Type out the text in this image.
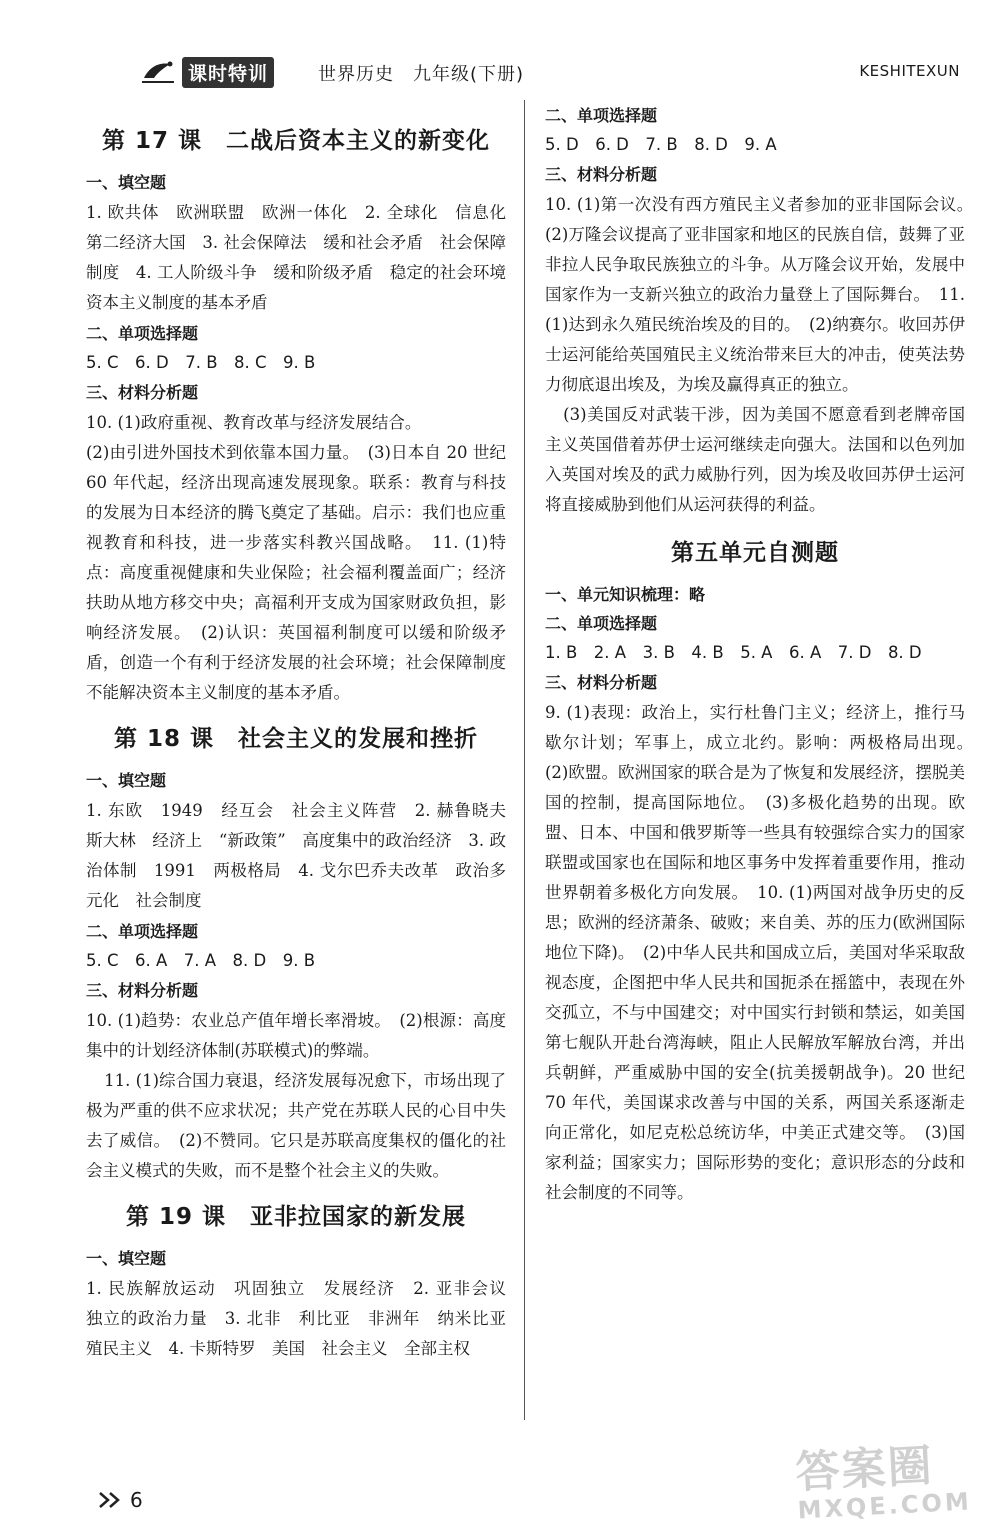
课时特训	世界历史　九年级(下册)	KESHITEXUN
第 17 课　二战后资本主义的新变化
一、填空题

1. 欧共体　欧洲联盟　欧洲一体化　2. 全球化　信息化　第二经济大国　3. 社会保障法　缓和社会矛盾　社会保障制度　4. 工人阶级斗争　缓和阶级矛盾　稳定的社会环境　资本主义制度的基本矛盾

二、单项选择题

5. C　6. D　7. B　8. C　9. B

三、材料分析题

10. (1)政府重视、教育改革与经济发展结合。

(2)由引进外国技术到依靠本国力量。　(3)日本自 20 世纪 60 年代起，经济出现高速发展现象。联系：教育与科技的发展为日本经济的腾飞奠定了基础。启示：我们也应重视教育和科技，进一步落实科教兴国战略。　11. (1)特点：高度重视健康和失业保险；社会福利覆盖面广；经济扶助从地方移交中央；高福利开支成为国家财政负担，影响经济发展。　(2)认识：英国福利制度可以缓和阶级矛盾，创造一个有利于经济发展的社会环境；社会保障制度不能解决资本主义制度的基本矛盾。

第 18 课　社会主义的发展和挫折
一、填空题

1. 东欧　1949　经互会　社会主义阵营　2. 赫鲁晓夫　斯大林　经济上　“新政策”　高度集中的政治经济　3. 政治体制　1991　两极格局　4. 戈尔巴乔夫改革　政治多元化　社会制度

二、单项选择题

5. C　6. A　7. A　8. D　9. B

三、材料分析题

10. (1)趋势：农业总产值年增长率滑坡。　(2)根源：高度集中的计划经济体制(苏联模式)的弊端。

11. (1)综合国力衰退，经济发展每况愈下，市场出现了极为严重的供不应求状况；共产党在苏联人民的心目中失去了威信。　(2)不赞同。它只是苏联高度集权的僵化的社会主义模式的失败，而不是整个社会主义的失败。

第 19 课　亚非拉国家的新发展
一、填空题

1. 民族解放运动　巩固独立　发展经济　2. 亚非会议　独立的政治力量　3. 北非　利比亚　非洲年　纳米比亚　殖民主义　4. 卡斯特罗　美国　社会主义　全部主权

二、单项选择题

5. D　6. D　7. B　8. D　9. A

三、材料分析题

10. (1)第一次没有西方殖民主义者参加的亚非国际会议。　(2)万隆会议提高了亚非国家和地区的民族自信，鼓舞了亚非拉人民争取民族独立的斗争。从万隆会议开始，发展中国家作为一支新兴独立的政治力量登上了国际舞台。　11. (1)达到永久殖民统治埃及的目的。　(2)纳赛尔。收回苏伊士运河能给英国殖民主义统治带来巨大的冲击，使英法势力彻底退出埃及，为埃及赢得真正的独立。

(3)美国反对武装干涉，因为美国不愿意看到老牌帝国主义英国借着苏伊士运河继续走向强大。法国和以色列加入英国对埃及的武力威胁行列，因为埃及收回苏伊士运河将直接威胁到他们从运河获得的利益。

第五单元自测题
一、单元知识梳理：略
二、单项选择题

1. B　2. A　3. B　4. B　5. A　6. A　7. D　8. D

三、材料分析题

9. (1)表现：政治上，实行杜鲁门主义；经济上，推行马歇尔计划；军事上，成立北约。影响：两极格局出现。　(2)欧盟。欧洲国家的联合是为了恢复和发展经济，摆脱美国的控制，提高国际地位。　(3)多极化趋势的出现。欧盟、日本、中国和俄罗斯等一些具有较强综合实力的国家联盟或国家也在国际和地区事务中发挥着重要作用，推动世界朝着多极化方向发展。　10. (1)两国对战争历史的反思；欧洲的经济萧条、破败；来自美、苏的压力(欧洲国际地位下降)。　(2)中华人民共和国成立后，美国对华采取敌视态度，企图把中华人民共和国扼杀在摇篮中，表现在外交孤立，不与中国建交；对中国实行封锁和禁运，如美国第七舰队开赴台湾海峡，阻止人民解放军解放台湾，并出兵朝鲜，严重威胁中国的安全(抗美援朝战争)。20 世纪 70 年代，美国谋求改善与中国的关系，两国关系逐渐走向正常化，如尼克松总统访华，中美正式建交等。　(3)国家利益；国家实力；国际形势的变化；意识形态的分歧和社会制度的不同等。

6
答案圈
MXQE.COM
